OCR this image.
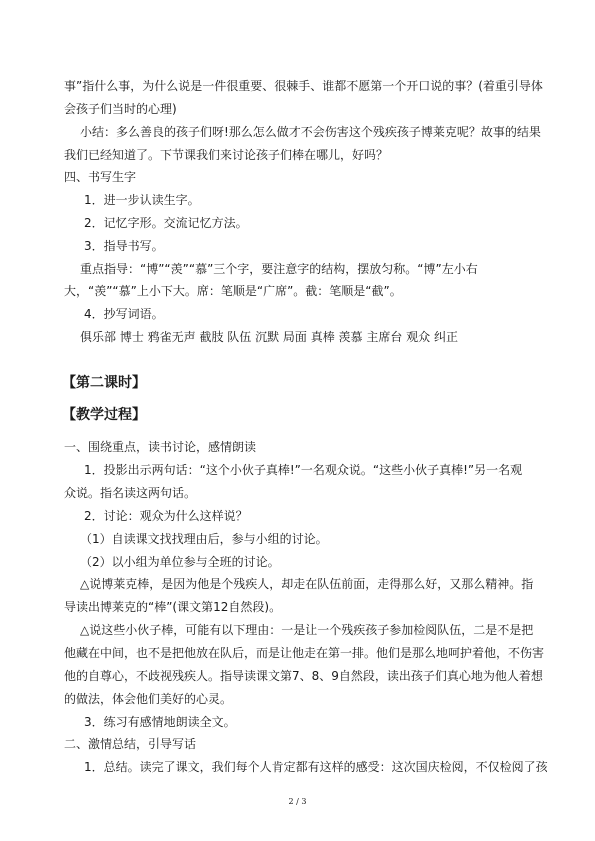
事”指什么事，为什么说是一件很重要、很棘手、谁都不愿第一个开口说的事？(着重引导体
会孩子们当时的心理)
小结：多么善良的孩子们呀!那么怎么做才不会伤害这个残疾孩子博莱克呢？故事的结果
我们已经知道了。下节课我们来讨论孩子们棒在哪儿，好吗？
四、书写生字
1．进一步认读生字。
2．记忆字形。交流记忆方法。
3．指导书写。
重点指导：“博”“羡”“慕”三个字，要注意字的结构，摆放匀称。“博”左小右
大，“羡”“慕”上小下大。席：笔顺是“广席”。截：笔顺是“截”。
4．抄写词语。
俱乐部 博士 鸦雀无声 截肢 队伍 沉默 局面 真棒 羡慕 主席台 观众 纠正
【第二课时】
【教学过程】
一、围绕重点，读书讨论，感情朗读
1．投影出示两句话：“这个小伙子真棒!”一名观众说。“这些小伙子真棒!”另一名观
众说。指名读这两句话。
2．讨论：观众为什么这样说？
（1）自读课文找找理由后，参与小组的讨论。
（2）以小组为单位参与全班的讨论。
△说博莱克棒，是因为他是个残疾人，却走在队伍前面，走得那么好，又那么精神。指
导读出博莱克的“棒”(课文第12自然段)。
△说这些小伙子棒，可能有以下理由：一是让一个残疾孩子参加检阅队伍，二是不是把
他藏在中间，也不是把他放在队后，而是让他走在第一排。他们是那么地呵护着他，不伤害
他的自尊心，不歧视残疾人。指导读课文第7、8、9自然段，读出孩子们真心地为他人着想
的做法，体会他们美好的心灵。
3．练习有感情地朗读全文。
二、激情总结，引导写话
1．总结。读完了课文，我们每个人肯定都有这样的感受：这次国庆检阅，不仅检阅了孩
2 / 3
